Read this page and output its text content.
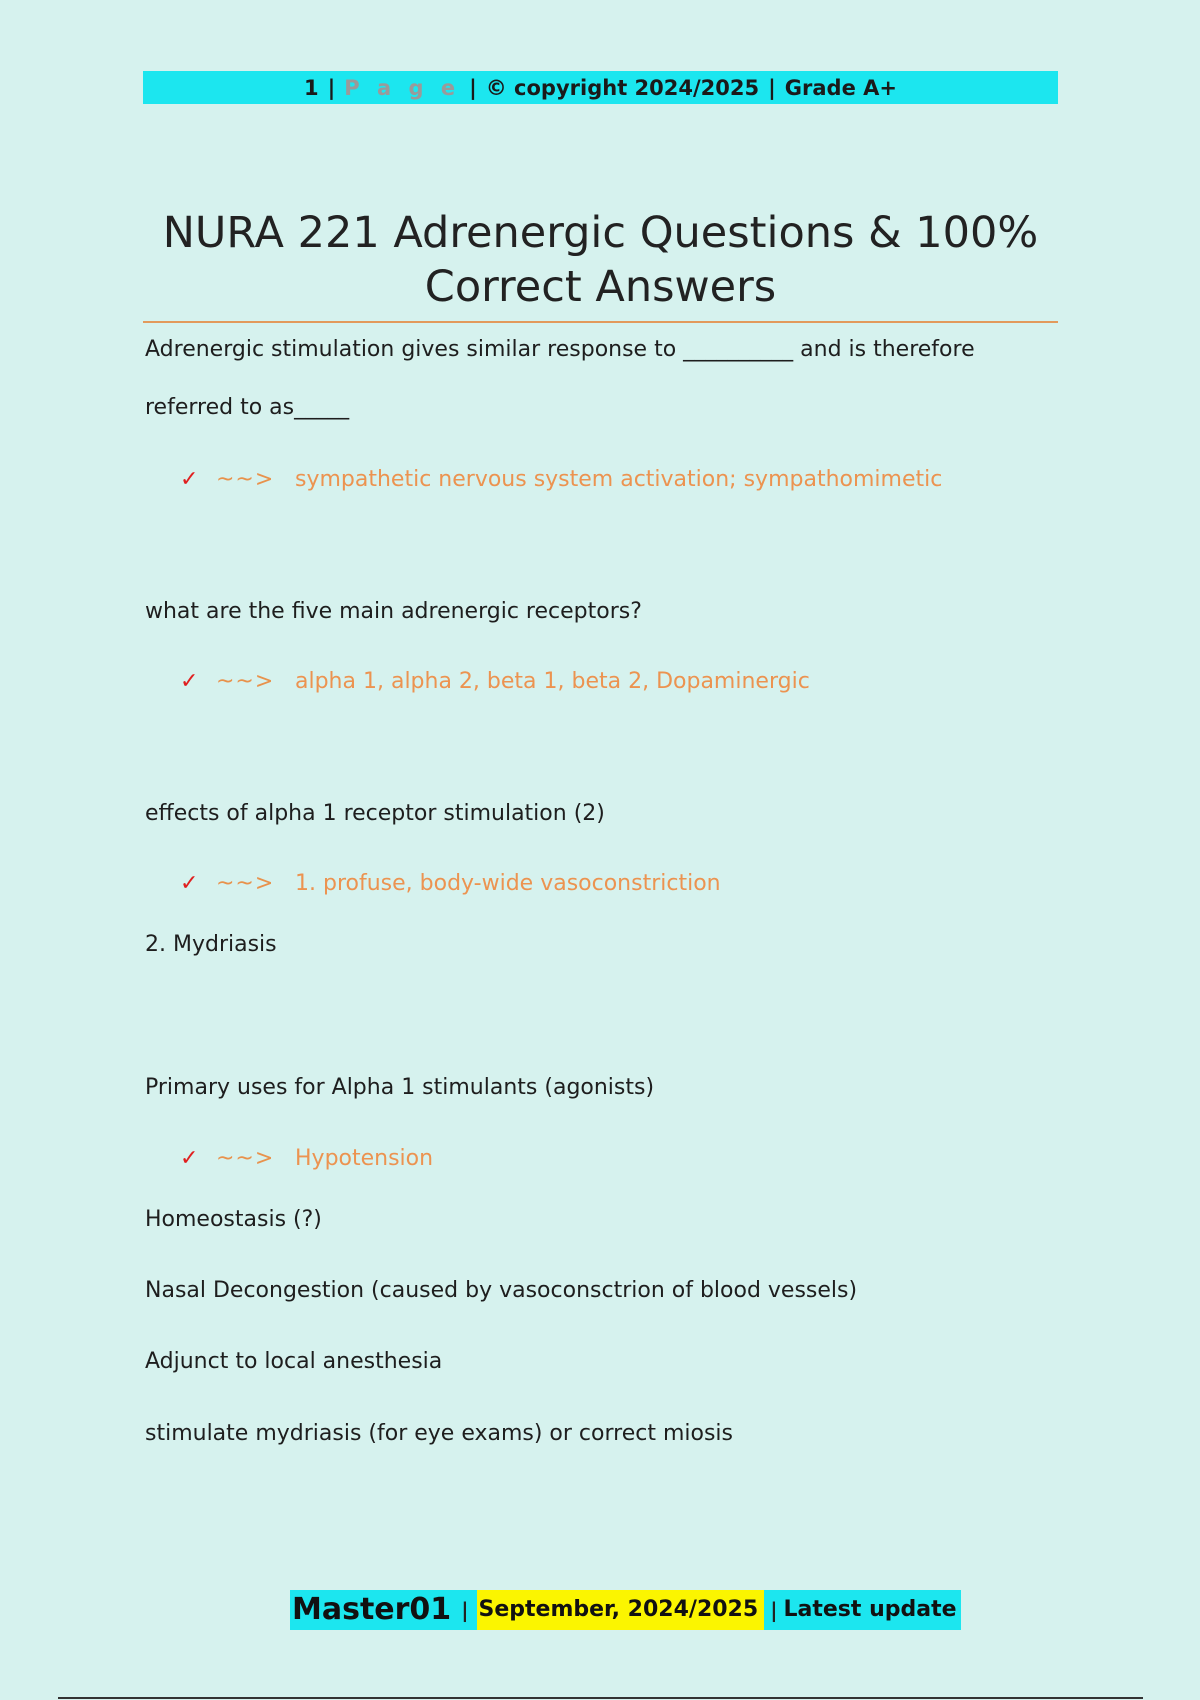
1 | P a g e | © copyright 2024/2025 | Grade A+
NURA 221 Adrenergic Questions & 100%
Correct Answers
Adrenergic stimulation gives similar response to __________ and is therefore
referred to as_____
✓ ~~> sympathetic nervous system activation; sympathomimetic
what are the five main adrenergic receptors?
✓ ~~> alpha 1, alpha 2, beta 1, beta 2, Dopaminergic
effects of alpha 1 receptor stimulation (2)
✓ ~~> 1. profuse, body-wide vasoconstriction
2. Mydriasis
Primary uses for Alpha 1 stimulants (agonists)
✓ ~~> Hypotension
Homeostasis (?)
Nasal Decongestion (caused by vasoconsctrion of blood vessels)
Adjunct to local anesthesia
stimulate mydriasis (for eye exams) or correct miosis
Master01 | September, 2024/2025 | Latest update
